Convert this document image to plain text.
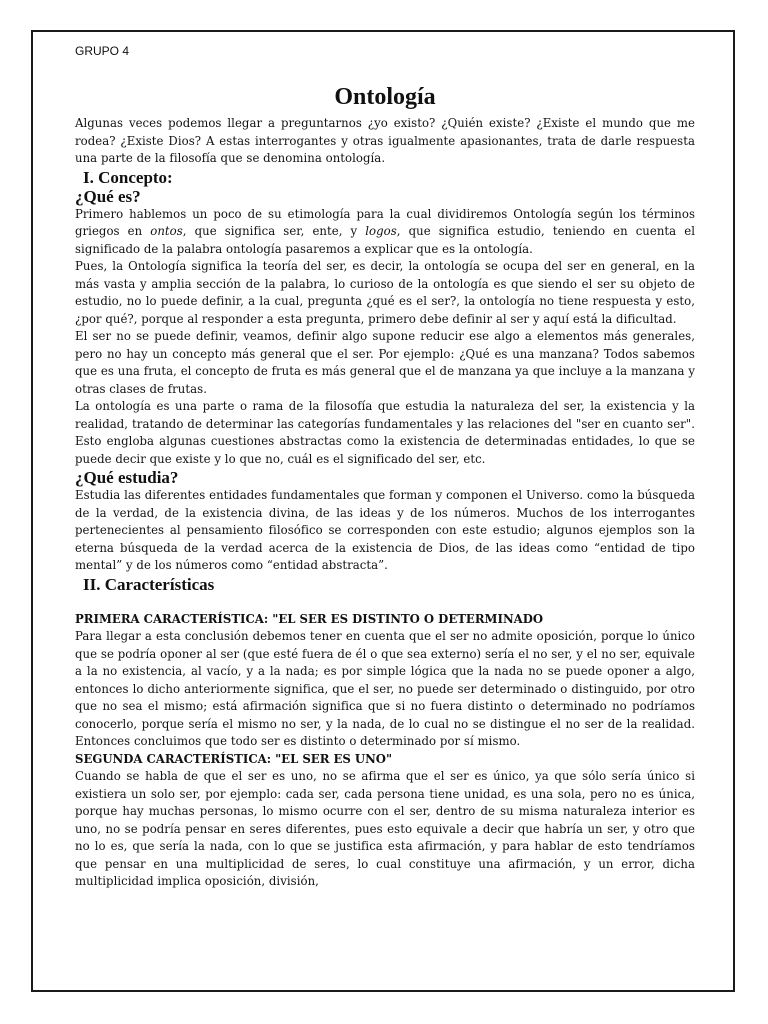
GRUPO 4
Ontología

Algunas veces podemos llegar a preguntarnos ¿yo existo? ¿Quién existe? ¿Existe el mundo que me rodea? ¿Existe Dios? A estas interrogantes y otras igualmente apasionantes, trata de darle respuesta una parte de la filosofía que se denomina ontología.

I. Concepto:
¿Qué es?

Primero hablemos un poco de su etimología para la cual dividiremos Ontología según los términos griegos en ontos, que significa ser, ente, y logos, que significa estudio, teniendo en cuenta el significado de la palabra ontología pasaremos a explicar que es la ontología.

Pues, la Ontología significa la teoría del ser, es decir, la ontología se ocupa del ser en general, en la más vasta y amplia sección de la palabra, lo curioso de la ontología es que siendo el ser su objeto de estudio, no lo puede definir, a la cual, pregunta ¿qué es el ser?, la ontología no tiene respuesta y esto, ¿por qué?, porque al responder a esta pregunta, primero debe definir al ser y aquí está la dificultad.

El ser no se puede definir, veamos, definir algo supone reducir ese algo a elementos más generales, pero no hay un concepto más general que el ser. Por ejemplo: ¿Qué es una manzana? Todos sabemos que es una fruta, el concepto de fruta es más general que el de manzana ya que incluye a la manzana y otras clases de frutas.

La ontología es una parte o rama de la filosofía que estudia la naturaleza del ser, la existencia y la realidad, tratando de determinar las categorías fundamentales y las relaciones del "ser en cuanto ser". Esto engloba algunas cuestiones abstractas como la existencia de determinadas entidades, lo que se puede decir que existe y lo que no, cuál es el significado del ser, etc.

¿Qué estudia?

Estudia las diferentes entidades fundamentales que forman y componen el Universo. como la búsqueda de la verdad, de la existencia divina, de las ideas y de los números. Muchos de los interrogantes pertenecientes al pensamiento filosófico se corresponden con este estudio; algunos ejemplos son la eterna búsqueda de la verdad acerca de la existencia de Dios, de las ideas como “entidad de tipo mental” y de los números como “entidad abstracta”.

II. Características
PRIMERA CARACTERÍSTICA: "EL SER ES DISTINTO O DETERMINADO

Para llegar a esta conclusión debemos tener en cuenta que el ser no admite oposición, porque lo único que se podría oponer al ser (que esté fuera de él o que sea externo) sería el no ser, y el no ser, equivale a la no existencia, al vacío, y a la nada; es por simple lógica que la nada no se puede oponer a algo, entonces lo dicho anteriormente significa, que el ser, no puede ser determinado o distinguido, por otro que no sea el mismo; está afirmación significa que si no fuera distinto o determinado no podríamos conocerlo, porque sería el mismo no ser, y la nada, de lo cual no se distingue el no ser de la realidad. Entonces concluimos que todo ser es distinto o determinado por sí mismo.

SEGUNDA CARACTERÍSTICA: "EL SER ES UNO"

Cuando se habla de que el ser es uno, no se afirma que el ser es único, ya que sólo sería único si existiera un solo ser, por ejemplo: cada ser, cada persona tiene unidad, es una sola, pero no es única, porque hay muchas personas, lo mismo ocurre con el ser, dentro de su misma naturaleza interior es uno, no se podría pensar en seres diferentes, pues esto equivale a decir que habría un ser, y otro que no lo es, que sería la nada, con lo que se justifica esta afirmación, y para hablar de esto tendríamos que pensar en una multiplicidad de seres, lo cual constituye una afirmación, y un error, dicha multiplicidad implica oposición, división,
